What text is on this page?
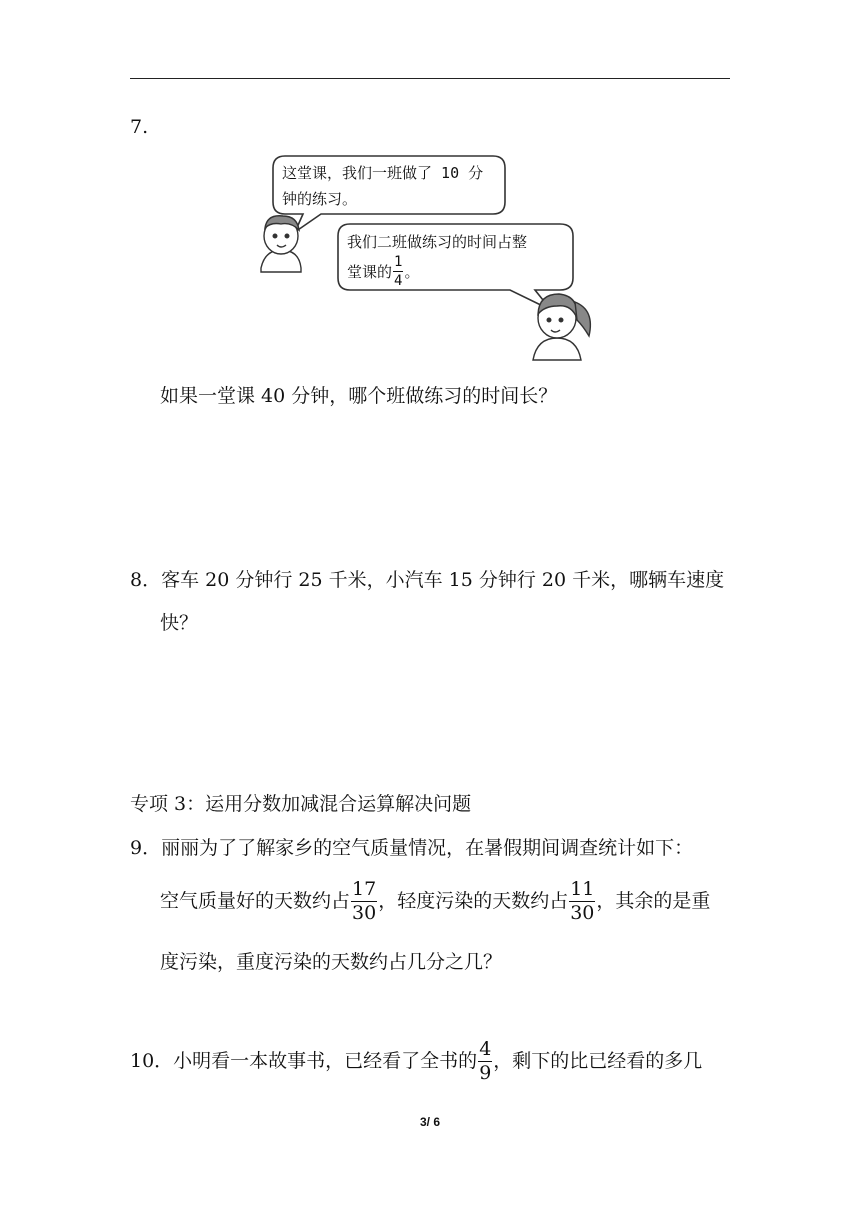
7.
这堂课，我们一班做了 10 分
钟的练习。
我们二班做练习的时间占整
堂课的 $\frac{1}{4}$ 。
如果一堂课 40 分钟，哪个班做练习的时间长？
8．客车 20 分钟行 25 千米，小汽车 15 分钟行 20 千米，哪辆车速度
快？
专项 3：运用分数加减混合运算解决问题
9．丽丽为了了解家乡的空气质量情况，在暑假期间调查统计如下：
空气质量好的天数约占 $\frac{17}{30}$ ，轻度污染的天数约占 $\frac{11}{30}$ ，其余的是重
度污染，重度污染的天数约占几分之几？
10．小明看一本故事书，已经看了全书的 $\frac{4}{9}$ ，剩下的比已经看的多几
3/ 6
